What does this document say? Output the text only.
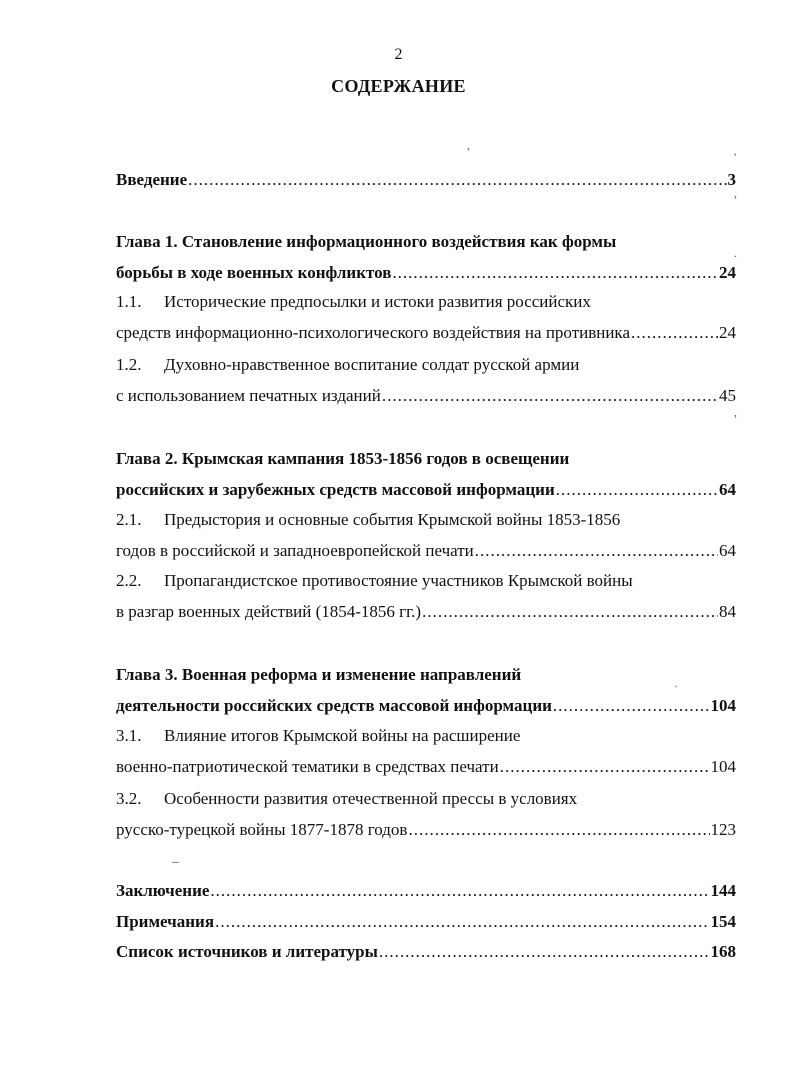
2
СОДЕРЖАНИЕ
,
'
,
.
,
`
_
Введение .....	3
Глава 1. Становление информационного воздействия как формы
борьбы в ходе военных конфликтов .....	24
1.1. Исторические предпосылки и истоки развития российских
средств информационно-психологического воздействия на противника .....	24
1.2. Духовно-нравственное воспитание солдат русской армии
с использованием печатных изданий .....	45
Глава 2. Крымская кампания 1853-1856 годов в освещении
российских и зарубежных средств массовой информации .....	64
2.1. Предыстория и основные события Крымской войны 1853-1856
годов в российской и западноевропейской печати .....	64
2.2. Пропагандистское противостояние участников Крымской войны
в разгар военных действий (1854-1856 гг.) .....	84
Глава 3. Военная реформа и изменение направлений
деятельности российских средств массовой информации .....	104
3.1. Влияние итогов Крымской войны на расширение
военно-патриотической тематики в средствах печати .....	104
3.2. Особенности развития отечественной прессы в условиях
русско-турецкой войны 1877-1878 годов .....	123
Заключение .....	144
Примечания .....	154
Список источников и литературы .....	168
